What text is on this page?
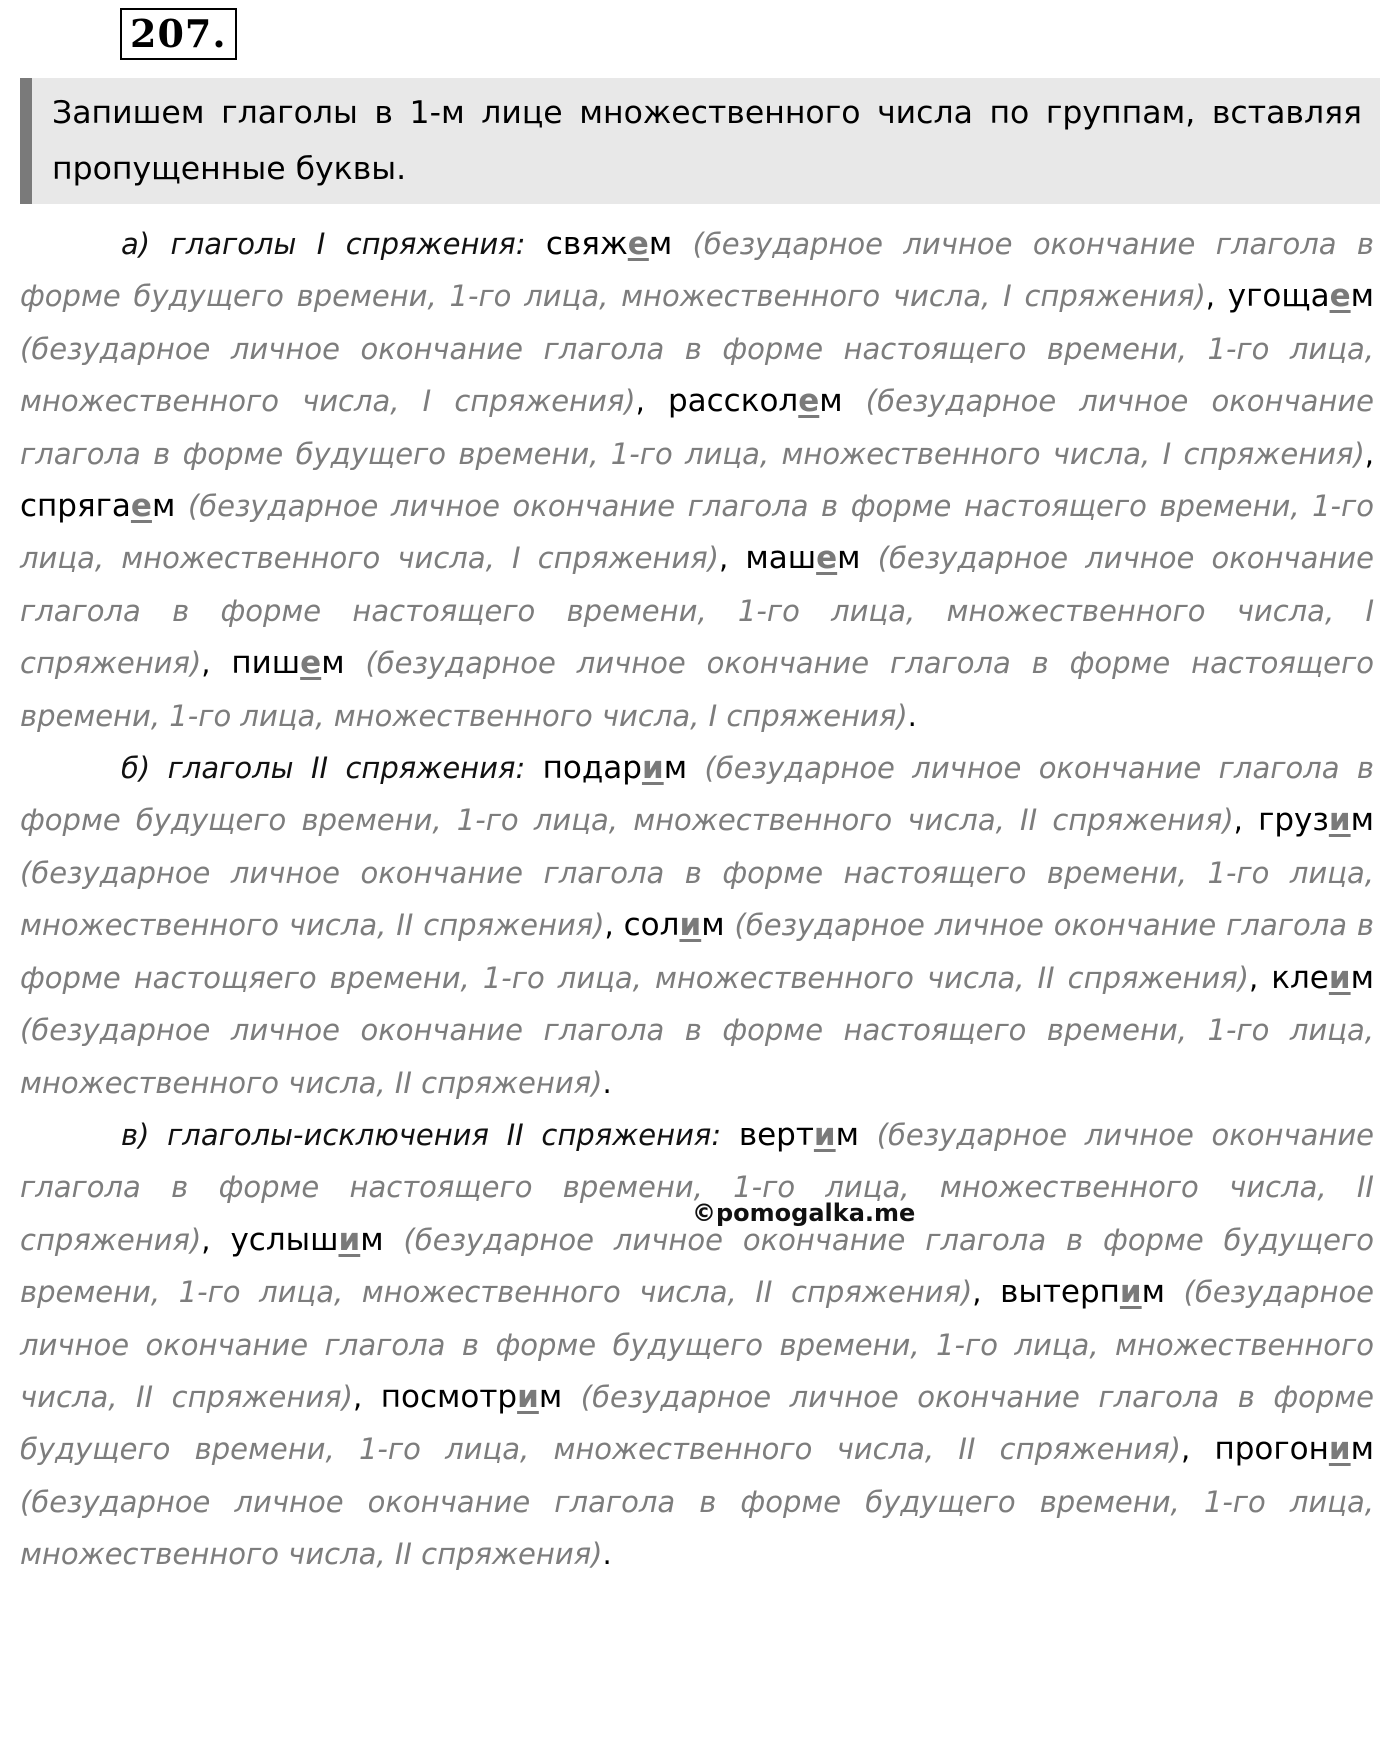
207.
Запишем глаголы в 1-м лице множественного числа по группам, вставляя пропущенные буквы.

а) глаголы I спряжения: свяжем (безударное личное окончание глагола в форме будущего времени, 1-го лица, множественного числа, I спряжения), угощаем (безударное личное окончание глагола в форме настоящего времени, 1-го лица, множественного числа, I спряжения), рассколем (безударное личное окончание глагола в форме будущего времени, 1-го лица, множественного числа, I спряжения), спрягаем (безударное личное окончание глагола в форме настоящего времени, 1-го лица, множественного числа, I спряжения), машем (безударное личное окончание глагола в форме настоящего времени, 1-го лица, множественного числа, I спряжения), пишем (безударное личное окончание глагола в форме настоящего времени, 1-го лица, множественного числа, I спряжения).

б) глаголы II спряжения: подарим (безударное личное окончание глагола в форме будущего времени, 1-го лица, множественного числа, II спряжения), грузим (безударное личное окончание глагола в форме настоящего времени, 1-го лица, множественного числа, II спряжения), солим (безударное личное окончание глагола в форме настощяего времени, 1-го лица, множественного числа, II спряжения), клеим (безударное личное окончание глагола в форме настоящего времени, 1-го лица, множественного числа, II спряжения).

в) глаголы-исключения II спряжения: вертим (безударное личное окончание глагола в форме настоящего времени, 1-го лица, множественного числа, II спряжения), услышим (безударное личное окончание глагола в форме будущего времени, 1-го лица, множественного числа, II спряжения), вытерпим (безударное личное окончание глагола в форме будущего времени, 1-го лица, множественного числа, II спряжения), посмотрим (безударное личное окончание глагола в форме будущего времени, 1-го лица, множественного числа, II спряжения), прогоним (безударное личное окончание глагола в форме будущего времени, 1-го лица, множественного числа, II спряжения).

©pomogalka.me
